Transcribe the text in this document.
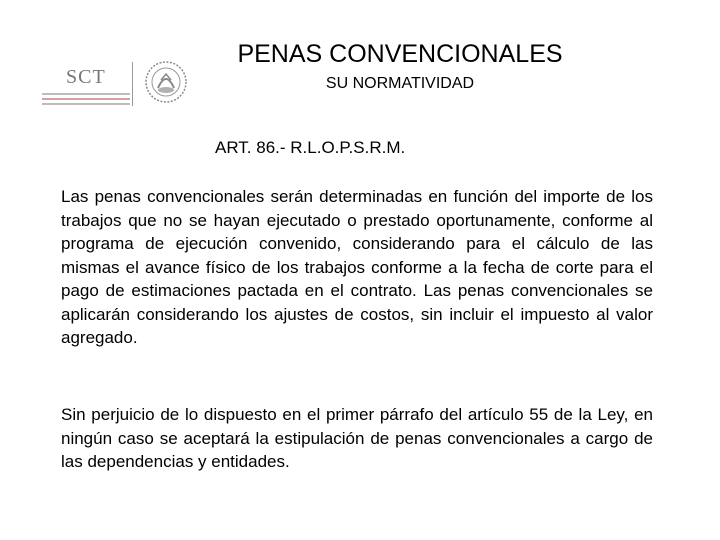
SCT
PENAS CONVENCIONALES
SU NORMATIVIDAD
ART. 86.- R.L.O.P.S.R.M.

Las penas convencionales serán determinadas en función del importe de los trabajos que no se hayan ejecutado o prestado oportunamente, conforme al programa de ejecución convenido, considerando para el cálculo de las mismas el avance físico de los trabajos conforme a la fecha de corte para el pago de estimaciones pactada en el contrato. Las penas convencionales se aplicarán considerando los ajustes de costos, sin incluir el impuesto al valor agregado.

Sin perjuicio de lo dispuesto en el primer párrafo del artículo 55 de la Ley, en ningún caso se aceptará la estipulación de penas convencionales a cargo de las dependencias y entidades.
